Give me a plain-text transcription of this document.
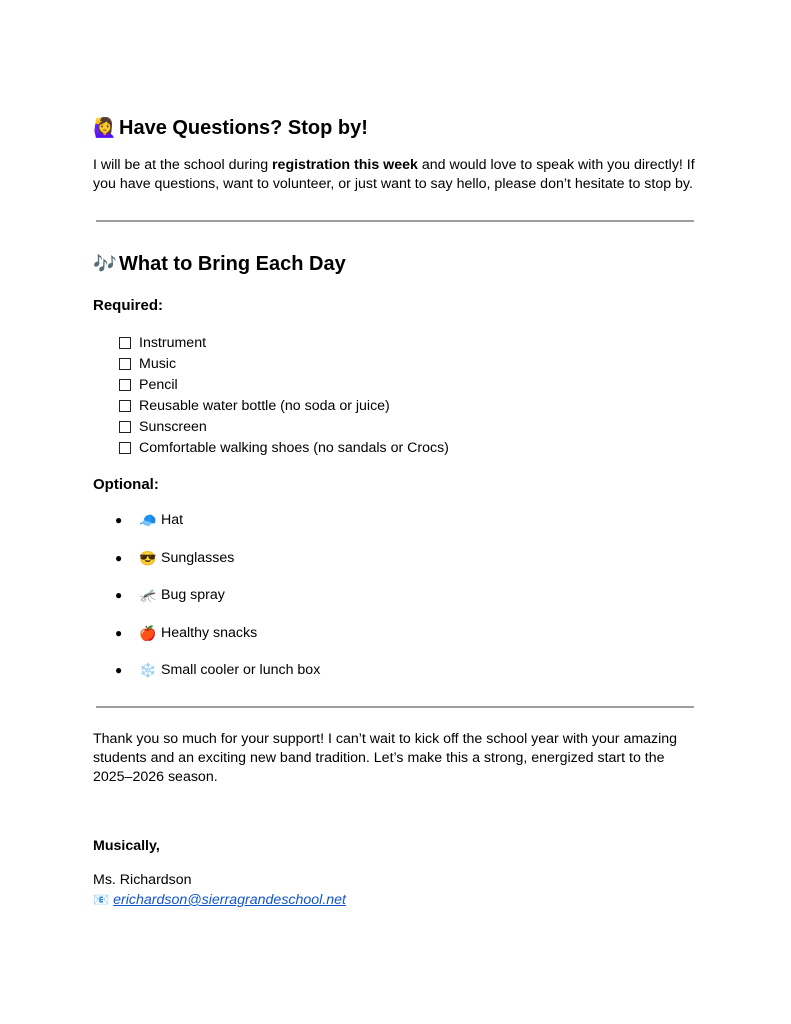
🙋‍♀️ Have Questions? Stop by!
I will be at the school during registration this week and would love to speak with you directly! If you have questions, want to volunteer, or just want to say hello, please don’t hesitate to stop by.
🎶 What to Bring Each Day
Required:
Instrument
Music
Pencil
Reusable water bottle (no soda or juice)
Sunscreen
Comfortable walking shoes (no sandals or Crocs)
Optional:
●	🧢 Hat
●	😎 Sunglasses
●	🦟 Bug spray
●	🍎 Healthy snacks
●	❄️ Small cooler or lunch box
Thank you so much for your support! I can’t wait to kick off the school year with your amazing students and an exciting new band tradition. Let’s make this a strong, energized start to the 2025–2026 season.
Musically,
Ms. Richardson
📧 erichardson@sierragrandeschool.net
